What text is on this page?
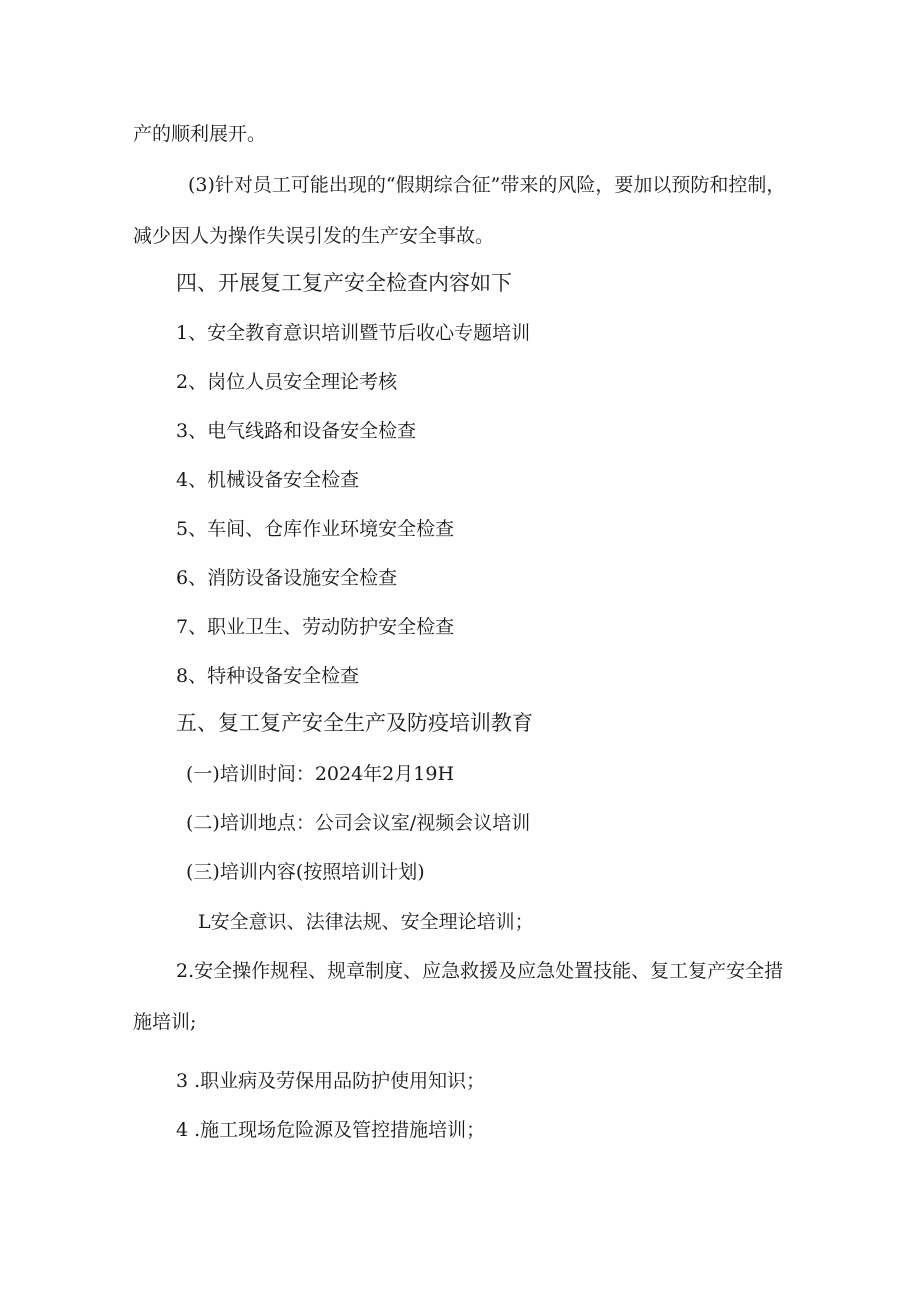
产的顺利展开。
(3)针对员工可能出现的“假期综合征”带来的风险，要加以预防和控制，
减少因人为操作失误引发的生产安全事故。
四、开展复工复产安全检查内容如下
1、安全教育意识培训暨节后收心专题培训
2、岗位人员安全理论考核
3、电气线路和设备安全检查
4、机械设备安全检查
5、车间、仓库作业环境安全检查
6、消防设备设施安全检查
7、职业卫生、劳动防护安全检查
8、特种设备安全检查
五、复工复产安全生产及防疫培训教育
(一)培训时间：2024年2月19H
(二)培训地点：公司会议室/视频会议培训
(三)培训内容(按照培训计划)
L安全意识、法律法规、安全理论培训；
2.安全操作规程、规章制度、应急救援及应急处置技能、复工复产安全措
施培训;
3 .职业病及劳保用品防护使用知识；
4 .施工现场危险源及管控措施培训；
